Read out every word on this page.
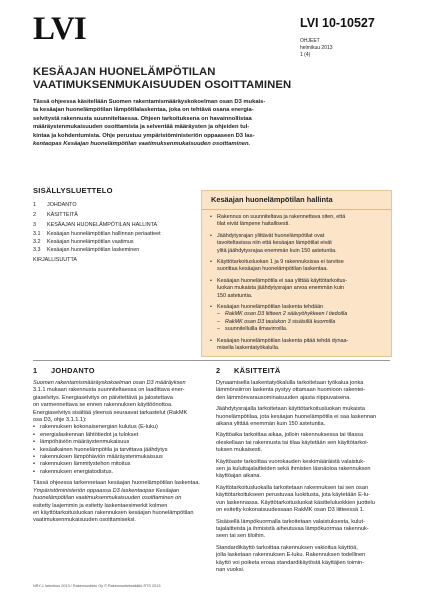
LVI	LVI 10-10527
OHJEET
helmikuu 2013
1 (4)
KESÄAJAN HUONELÄMPÖTILAN
VAATIMUKSENMUKAISUUDEN OSOITTAMINEN
Tässä ohjeessa käsitellään Suomen rakentamismääräyskokoelman osan D3 mukais-
ta kesäajan huonelämpötilan lämpötilalaskentaa, joka on tehtävä osana energia-
selvitystä rakennusta suunniteltaessa. Ohjeen tarkoituksena on havainnollistaa
määräystenmukaisuuden osoittamista ja selventää määräysten ja ohjeiden tul-
kintaa ja kohdentumista. Ohje perustuu ympäristöministeriön oppaaseen D3 las-
kentaopas Kesäajan huonelämpötilan vaatimuksenmukaisuuden osoittaminen.
SISÄLLYSLUETTELO
1 JOHDANTO
2 KÄSITTEITÄ
3 KESÄAJAN HUONELÄMPÖTILAN HALLINTA
3.1 Kesäajan huonelämpötilan hallinnan periaatteet
3.2 Kesäajan huonelämpötilan vaatimus
3.3 Kesäajan huonelämpötilan laskeminen
KIRJALLISUUTTA
Kesäajan huonelämpötilan hallinta
• Rakennus on suunniteltava ja rakennettava siten, että
tilat eivät lämpene haitallisesti.
• Jäähdytysrajan ylittävät huonelämpötilat ovat
tavoiteltavissa niin että kesäajan lämpötilat eivät
ylitä jäähdytysrajaa enemmän kuin 150 astetuntia.
• Käyttötarkoitusluokan 1 ja 9 rakennuksissa ei tarvitse
suorittaa kesäajan huonelämpötilan laskentaa.
• Kesäajan huonelämpötila ei saa ylittää käyttötarkoitus-
luokan mukaista jäähdytysrajan arvoa enemmän kuin
150 astetuntia.
• Kesäajan huonelämpötilan laskenta tehdään
– RakMK osan D3 liitteen 2 säävyöhykkeen I tiedoilla
– RakMK osan D3 taulukon 3 sisäisillä kuormilla
– suunnitelluilla ilmavirroilla.
• Kesäajan huonelämpötilan laskenta pitää tehdä dynaa-
misella laskentatyökalulla.
1 JOHDANTO
Suomen rakentamismääräyskokoelman osan D3 määräyksen
3.1.1 mukaan rakennusta suunniteltaessa on laadittava ener-
giaselvitys. Energiaselvitys on päivitettävä ja jalostettava
on varmennettava se ennen rakennuksen käyttöönottoa.
Energiaselvitys sisältää yleensä seuraavat tarkastelut (RakMK
osa D3, ohje 3.1.1.1):
• rakennuksen kokonaisenergian kulutus (E-luku)
• energialaskennan lähtötiedot ja tulokset
• lämpöhäviön määräystenmukaisuus
• kesäaikainen huonelämpötila ja tarvittava jäähdytys
• rakennuksen lämpöhäviön määräystenmukaisuus
• rakennuksen lämmitystehon mitoitus
• rakennuksen energiatodistus.
Tässä ohjeessa tarkennetaan kesäajan huonelämpötilan laskentaa.
Ympäristöministeriön oppaassa D3 laskentaopas Kesäajan
huonelämpötilan vaatimuksenmukaisuuden osoittaminen on
esitetty laajemmin ja esitetty laskentaesimerkit kolmen
eri käyttötarkoitusluokan rakennuksen kesäajan huonelämpötilan
vaatimuksenmukaisuuden osoittamiseksi.
2 KÄSITTEITÄ
Dynaamisella laskentatyökalulla tarkoitetaan työkalua jonka
lämmönsiirron laskenta pystyy ottamaan huomioon rakentei-
den lämmönvarausominaisuuden ajasta riippuvaisena.
Jäähdytysrajalla tarkoitetaan käyttötarkoitusluokan mukaista
huonelämpötilaa, jota kesäajan huonelämpötila ei saa laskennan
aikana ylittää enemmän kuin 150 astetuntia.
Käyttöaika tarkoittaa aikaa, jolloin rakennuksessa tai tilassa
oleskellaan tai rakennusta tai tilaa käytetään sen käyttötarkoi-
tuksen mukaisesti.
Käyttöaste tarkoittaa vuorokauden keskimääräistä valaistuk-
sen ja kuluttajalaitteiden sekä ihmisten läsnäoloa rakennuksen
käyttöajan aikana.
Käyttötarkoitusluokalla tarkoitetaan rakennuksen tai sen osan
käyttötarkoitukseen perustuvaa luokitusta, jota käytetään E-lu-
vun laskennassa. Käyttötarkoitusluokat käsitteluluokkien juottelu
on esitetty kokonaisuudessaan RakMK osan D3 liitteessä 1.
Sisäisellä lämpökuormalla tarkoitetaan valaistuksesta, kulut-
tajalaitteista ja ihmisistä aiheutuvaa lämpökuormaa rakennuk-
seen tai sen tiloihin.
Standardikäyttö tarkoittaa rakennuksen vakioitua käyttöä,
jolla lasketaan rakennuksen E-luku. Rakennuksen todellinen
käyttö voi poiketa eroaa standardikäytöstä käyttäjien toimin-
nan vuoksi.
NRY-1 helmikuu 2013 / Rakennustieto Oy © Rakennustietosäätiö RTS 2013
